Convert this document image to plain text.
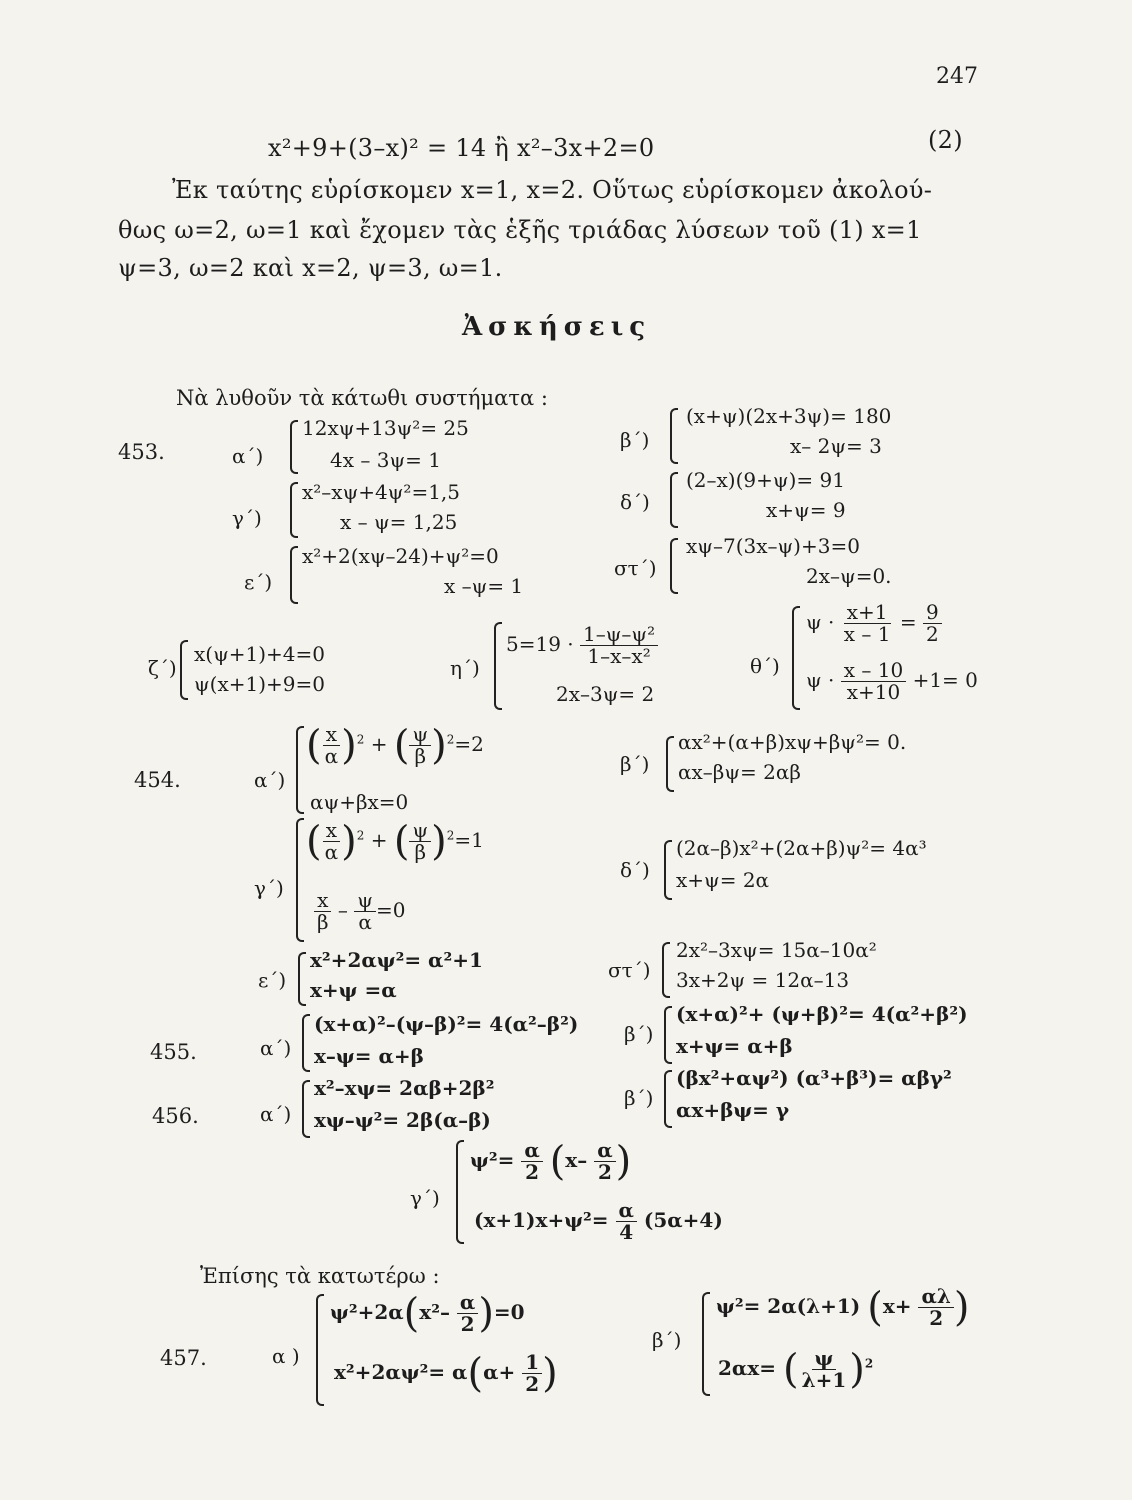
247
x²+9+(3–x)² = 14 ἢ x²–3x+2=0	(2)
Ἐκ ταύτης εὑρίσκομεν x=1, x=2. Οὕτως εὑρίσκομεν ἀκολού-
θως ω=2, ω=1 καὶ ἔχομεν τὰς ἑξῆς τριάδας λύσεων τοῦ (1) x=1
ψ=3, ω=2 καὶ x=2, ψ=3, ω=1.
Ἀσκήσεις
Νὰ λυθοῦν τὰ κάτωθι συστήματα :
453.	α΄)
12xψ+13ψ²= 25
4x – 3ψ= 1
β΄)
(x+ψ)(2x+3ψ)= 180
x– 2ψ= 3
γ΄)
x²–xψ+4ψ²=1,5
x – ψ= 1,25
δ΄)
(2–x)(9+ψ)= 91
x+ψ= 9
ε΄)
x²+2(xψ–24)+ψ²=0
x –ψ= 1
στ΄)
xψ–7(3x–ψ)+3=0
2x–ψ=0.
ζ΄)
x(ψ+1)+4=0
ψ(x+1)+9=0
η΄)
$5=19 \cdot \frac{\text{1–ψ–ψ²}}{\text{1–x–x²}}$
2x–3ψ= 2
θ΄)
$\psi \cdot \frac{x+1}{x - 1} = \frac{9}{2}$
$\psi \cdot \frac{x - 10}{x+10} +1= 0$
454.	α΄)
( $\frac{x}{\alpha} )^2$ + ( $\frac{\psi}{\beta} )^2=2$
αψ+βx=0
β΄)
αx²+(α+β)xψ+βψ²= 0.
αx–βψ= 2αβ
γ΄)
( $\frac{x}{\alpha} )^2$ + ( $\frac{\psi}{\beta} )^2=1$
$\frac{x}{\beta} - \frac{\psi}{\alpha} =0$
δ΄)
(2α–β)x²+(2α+β)ψ²= 4α³
x+ψ= 2α
ε΄)
x²+2αψ²= α²+1
x+ψ =α
στ΄)
2x²–3xψ= 15α–10α²
3x+2ψ = 12α–13
455.	α΄)
(x+α)²–(ψ–β)²= 4(α²–β²)
x–ψ= α+β
β΄)
(x+α)²+ (ψ+β)²= 4(α²+β²)
x+ψ= α+β
456.	α΄)
x²–xψ= 2αβ+2β²
xψ–ψ²= 2β(α–β)
β΄)
(βx²+αψ²) (α³+β³)= αβγ²
αx+βψ= γ
γ΄)
$\psi^2= \frac{\alpha}{2} (x- \frac{\alpha}{2}$ )
$(x+1)x+\psi^2= \frac{\alpha}{4} (5\alpha+4)$
Ἐπίσης τὰ κατωτέρω :
457.	α )
$\psi^2+2\alpha(x^2- \frac{\alpha}{2} )=0$
$x^2+2\alpha\psi^2= \alpha(\alpha+ \frac{1}{2}$ )
β΄)
ψ²= 2α(λ+1) ($x+ \frac{\alpha\lambda}{2}$ )
2αx= ( $\frac{\psi}{\lambda+1} )^2$
